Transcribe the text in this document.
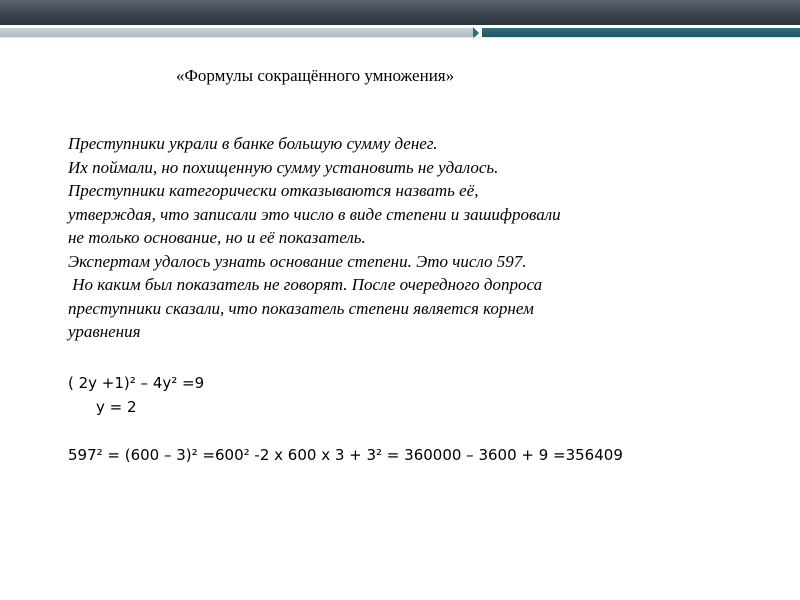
«Формулы сокращённого умножения»
Преступники украли в банке большую сумму денег.
Их поймали, но похищенную сумму установить не удалось.
Преступники категорически отказываются назвать её,
утверждая, что записали это число в виде степени и зашифровали
не только основание, но и её показатель.
Экспертам удалось узнать основание степени. Это число 597.
Но каким был показатель не говорят. После очередного допроса
преступники сказали, что показатель степени является корнем
уравнения
( 2у +1)² – 4у² =9
у = 2
597² = (600 – 3)² =600² -2 х 600 х 3 + 3² = 360000 – 3600 + 9 =356409
